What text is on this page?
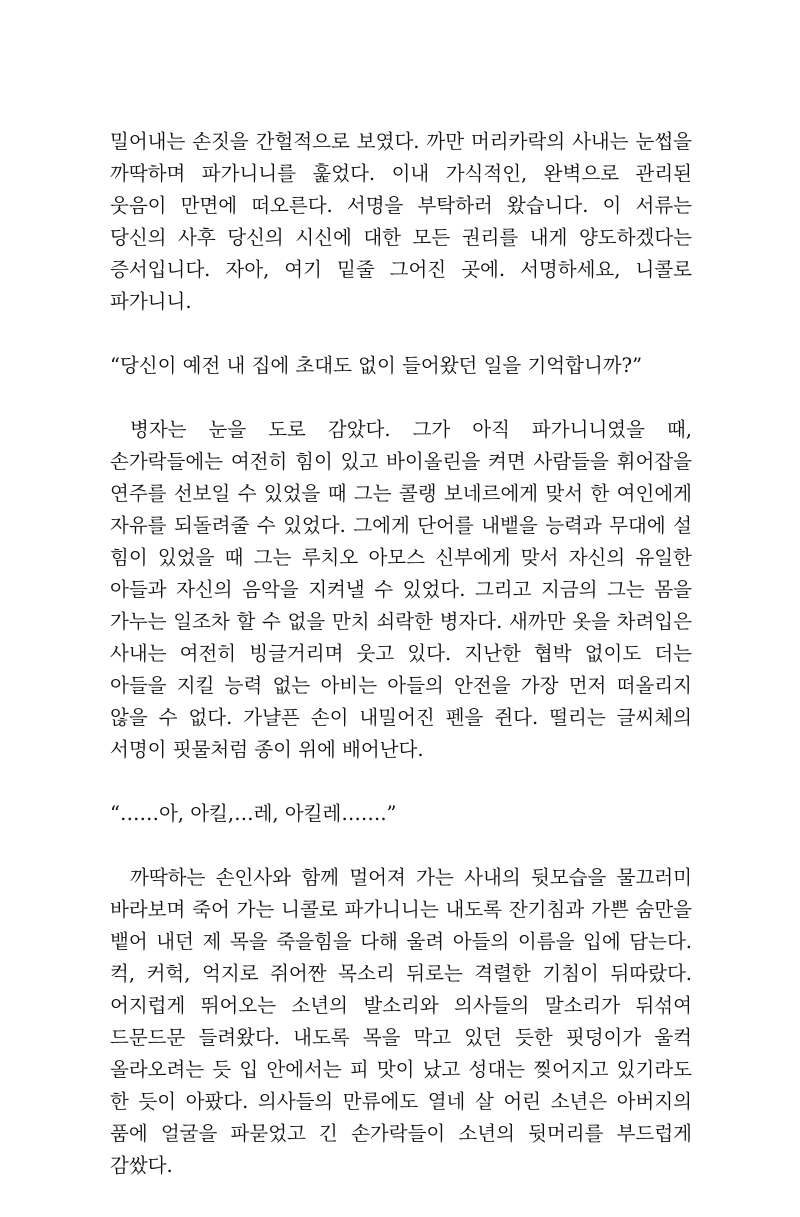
밀어내는 손짓을 간헐적으로 보였다. 까만 머리카락의 사내는 눈썹을 까딱하며 파가니니를 훑었다. 이내 가식적인, 완벽으로 관리된 웃음이 만면에 떠오른다. 서명을 부탁하러 왔습니다. 이 서류는 당신의 사후 당신의 시신에 대한 모든 권리를 내게 양도하겠다는 증서입니다. 자아, 여기 밑줄 그어진 곳에. 서명하세요, 니콜로 파가니니.

“당신이 예전 내 집에 초대도 없이 들어왔던 일을 기억합니까?”

병자는 눈을 도로 감았다. 그가 아직 파가니니였을 때, 손가락들에는 여전히 힘이 있고 바이올린을 켜면 사람들을 휘어잡을 연주를 선보일 수 있었을 때 그는 콜랭 보네르에게 맞서 한 여인에게 자유를 되돌려줄 수 있었다. 그에게 단어를 내뱉을 능력과 무대에 설 힘이 있었을 때 그는 루치오 아모스 신부에게 맞서 자신의 유일한 아들과 자신의 음악을 지켜낼 수 있었다. 그리고 지금의 그는 몸을 가누는 일조차 할 수 없을 만치 쇠락한 병자다. 새까만 옷을 차려입은 사내는 여전히 빙글거리며 웃고 있다. 지난한 협박 없이도 더는 아들을 지킬 능력 없는 아비는 아들의 안전을 가장 먼저 떠올리지 않을 수 없다. 가냘픈 손이 내밀어진 펜을 쥔다. 떨리는 글씨체의 서명이 핏물처럼 종이 위에 배어난다.

“……아, 아킬,…레, 아킬레…….”

까딱하는 손인사와 함께 멀어져 가는 사내의 뒷모습을 물끄러미 바라보며 죽어 가는 니콜로 파가니니는 내도록 잔기침과 가쁜 숨만을 뱉어 내던 제 목을 죽을힘을 다해 울려 아들의 이름을 입에 담는다. 컥, 커헉, 억지로 쥐어짠 목소리 뒤로는 격렬한 기침이 뒤따랐다. 어지럽게 뛰어오는 소년의 발소리와 의사들의 말소리가 뒤섞여 드문드문 들려왔다. 내도록 목을 막고 있던 듯한 핏덩이가 울컥 올라오려는 듯 입 안에서는 피 맛이 났고 성대는 찢어지고 있기라도 한 듯이 아팠다. 의사들의 만류에도 열네 살 어린 소년은 아버지의 품에 얼굴을 파묻었고 긴 손가락들이 소년의 뒷머리를 부드럽게 감쌌다.
